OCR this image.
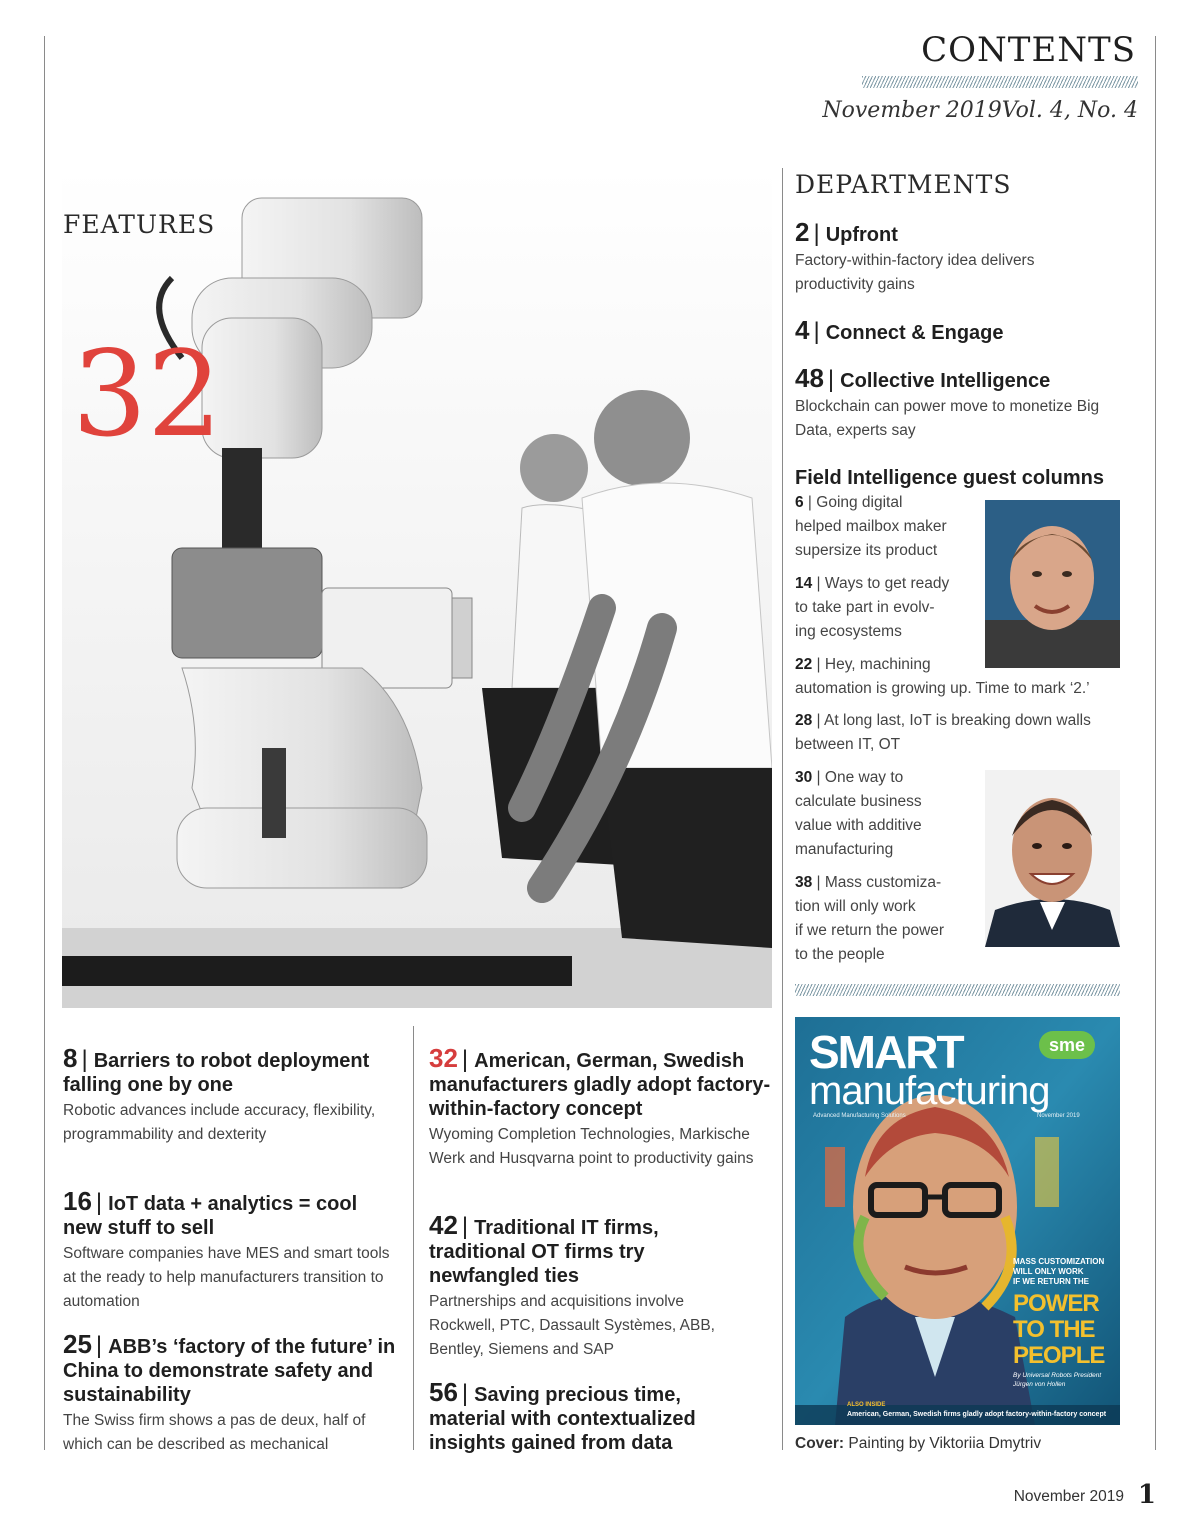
CONTENTS
November 2019Vol. 4, No. 4
32
FEATURES
8 | Barriers to robot deployment falling one by one
Robotic advances include accuracy, flexibility, programmability and dexterity
16 | IoT data + analytics = cool new stuff to sell
Software companies have MES and smart tools at the ready to help manufacturers transition to automation
25 | ABB’s ‘factory of the future’ in China to demonstrate safety and sustainability
The Swiss firm shows a pas de deux, half of which can be described as mechanical
32 | American, German, Swedish manufacturers gladly adopt factory-within-factory concept
Wyoming Completion Technologies, Markische Werk and Husqvarna point to productivity gains
42 | Traditional IT firms, traditional OT firms try newfangled ties
Partnerships and acquisitions involve Rockwell, PTC, Dassault Systèmes, ABB, Bentley, Siemens and SAP
56 | Saving precious time, material with contextualized insights gained from data
DEPARTMENTS
2 | Upfront
Factory-within-factory idea delivers productivity gains
4 | Connect & Engage
48 | Collective Intelligence
Blockchain can power move to monetize Big Data, experts say
Field Intelligence guest columns
6 | Going digital
helped mailbox maker
supersize its product
14 | Ways to get ready
to take part in evolv-
ing ecosystems
22 | Hey, machining
automation is growing up. Time to mark ‘2.’
28 | At long last, IoT is breaking down walls
between IT, OT
30 | One way to
calculate business
value with additive
manufacturing
38 | Mass customiza-
tion will only work
if we return the power
to the people
SMART
manufacturing
sme
Advanced Manufacturing Solutions	November 2019
MASS CUSTOMIZATION
WILL ONLY WORK
IF WE RETURN THE
POWER
TO THE
PEOPLE
By Universal Robots President
Jürgen von Hollen
ALSO INSIDE
American, German, Swedish firms gladly adopt factory-within-factory concept
Cover: Painting by Viktoriia Dmytriv
November 2019 1
